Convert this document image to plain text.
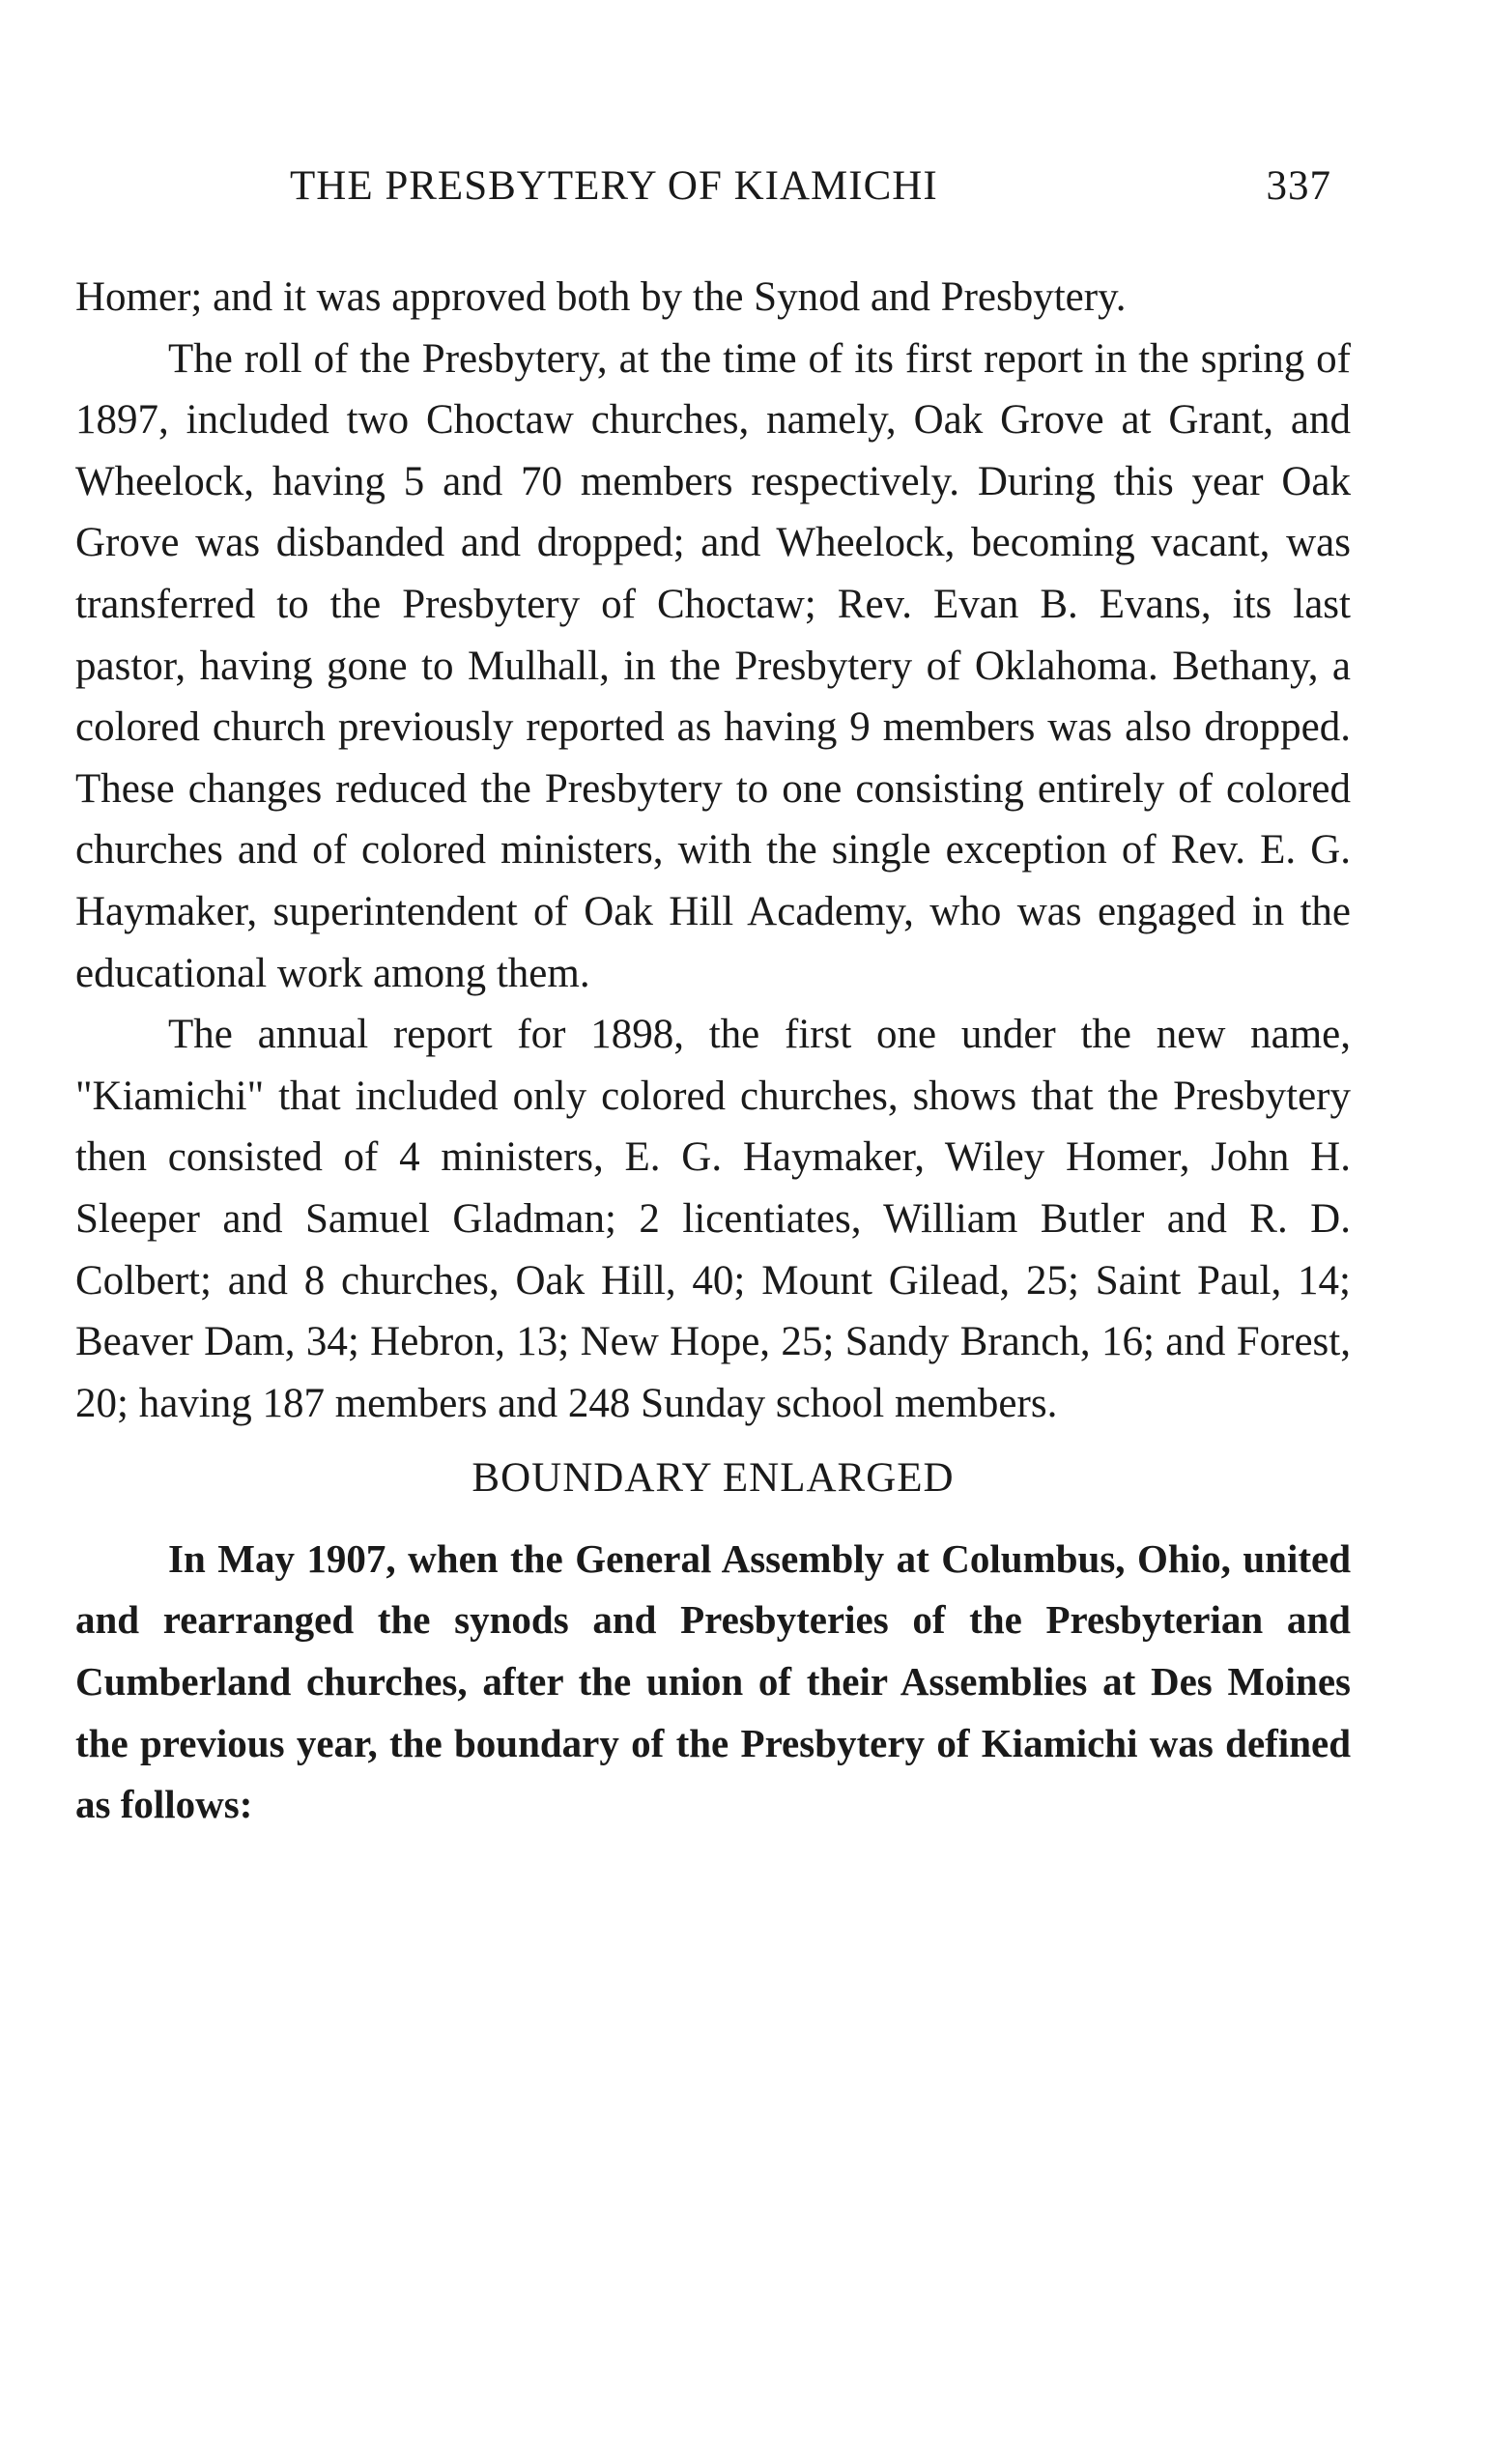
THE PRESBYTERY OF KIAMICHI	337

Homer; and it was approved both by the Synod and Presbytery.

The roll of the Presbytery, at the time of its first report in the spring of 1897, included two Choctaw churches, namely, Oak Grove at Grant, and Wheelock, having 5 and 70 members respectively. During this year Oak Grove was disbanded and dropped; and Wheelock, becoming vacant, was transferred to the Presbytery of Choctaw; Rev. Evan B. Evans, its last pastor, having gone to Mulhall, in the Presbytery of Oklahoma. Bethany, a colored church previously reported as having 9 members was also dropped. These changes reduced the Presbytery to one consisting entirely of colored churches and of colored ministers, with the single exception of Rev. E. G. Haymaker, superintendent of Oak Hill Academy, who was engaged in the educational work among them.

The annual report for 1898, the first one under the new name, "Kiamichi" that included only colored churches, shows that the Presbytery then consisted of 4 ministers, E. G. Haymaker, Wiley Homer, John H. Sleeper and Samuel Gladman; 2 licentiates, William Butler and R. D. Colbert; and 8 churches, Oak Hill, 40; Mount Gilead, 25; Saint Paul, 14; Beaver Dam, 34; Hebron, 13; New Hope, 25; Sandy Branch, 16; and Forest, 20; having 187 members and 248 Sunday school members.

BOUNDARY ENLARGED

In May 1907, when the General Assembly at Columbus, Ohio, united and rearranged the synods and Presbyteries of the Presbyterian and Cumberland churches, after the union of their Assemblies at Des Moines the previous year, the boundary of the Presbytery of Kiamichi was defined as follows:
